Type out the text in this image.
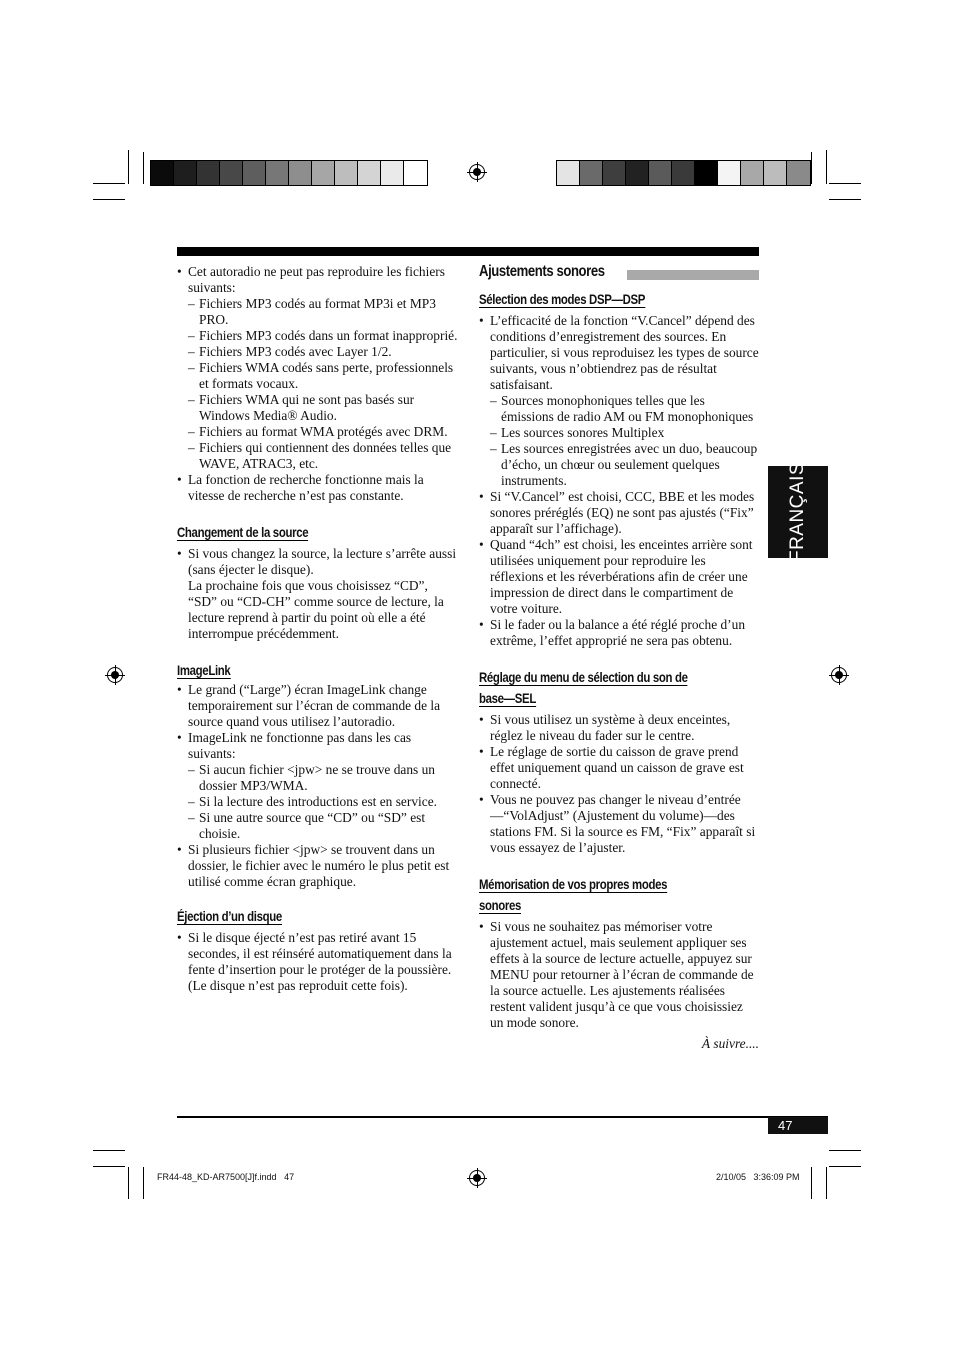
FRANÇAIS

• Cet autoradio ne peut pas reproduire les fichiers suivants:

– Fichiers MP3 codés au format MP3i et MP3 PRO.

– Fichiers MP3 codés dans un format inapproprié.

– Fichiers MP3 codés avec Layer 1/2.

– Fichiers WMA codés sans perte, professionnels et formats vocaux.

– Fichiers WMA qui ne sont pas basés sur Windows Media® Audio.

– Fichiers au format WMA protégés avec DRM.

– Fichiers qui contiennent des données telles que WAVE, ATRAC3, etc.

• La fonction de recherche fonctionne mais la vitesse de recherche n’est pas constante.

Changement de la source

• Si vous changez la source, la lecture s’arrête aussi (sans éjecter le disque).

La prochaine fois que vous choisissez “CD”, “SD” ou “CD-CH” comme source de lecture, la lecture reprend à partir du point où elle a été interrompue précédemment.

ImageLink

• Le grand (“Large”) écran ImageLink change temporairement sur l’écran de commande de la source quand vous utilisez l’autoradio.

• ImageLink ne fonctionne pas dans les cas suivants:

– Si aucun fichier <jpw> ne se trouve dans un dossier MP3/WMA.

– Si la lecture des introductions est en service.

– Si une autre source que “CD” ou “SD” est choisie.

• Si plusieurs fichier <jpw> se trouvent dans un dossier, le fichier avec le numéro le plus petit est utilisé comme écran graphique.

Éjection d’un disque

• Si le disque éjecté n’est pas retiré avant 15 secondes, il est réinséré automatiquement dans la fente d’insertion pour le protéger de la poussière. (Le disque n’est pas reproduit cette fois).

Ajustements sonores
Sélection des modes DSP—DSP

• L’efficacité de la fonction “V.Cancel” dépend des conditions d’enregistrement des sources. En particulier, si vous reproduisez les types de source suivants, vous n’obtiendrez pas de résultat satisfaisant.

– Sources monophoniques telles que les émissions de radio AM ou FM monophoniques

– Les sources sonores Multiplex

– Les sources enregistrées avec un duo, beaucoup d’écho, un chœur ou seulement quelques instruments.

• Si “V.Cancel” est choisi, CCC, BBE et les modes sonores préréglés (EQ) ne sont pas ajustés (“Fix” apparaît sur l’affichage).

• Quand “4ch” est choisi, les enceintes arrière sont utilisées uniquement pour reproduire les réflexions et les réverbérations afin de créer une impression de direct dans le compartiment de votre voiture.

• Si le fader ou la balance a été réglé proche d’un extrême, l’effet approprié ne sera pas obtenu.

Réglage du menu de sélection du son de
base—SEL

• Si vous utilisez un système à deux enceintes, réglez le niveau du fader sur le centre.

• Le réglage de sortie du caisson de grave prend effet uniquement quand un caisson de grave est connecté.

• Vous ne pouvez pas changer le niveau d’entrée—“VolAdjust” (Ajustement du volume)—des stations FM. Si la source es FM, “Fix” apparaît si vous essayez de l’ajuster.

Mémorisation de vos propres modes
sonores

• Si vous ne souhaitez pas mémoriser votre ajustement actuel, mais seulement appliquer ses effets à la source de lecture actuelle, appuyez sur MENU pour retourner à l’écran de commande de la source actuelle. Les ajustements réalisées restent valident jusqu’à ce que vous choisissiez un mode sonore.

À suivre....

47
FR44-48_KD-AR7500[J]f.indd   47	2/10/05   3:36:09 PM
